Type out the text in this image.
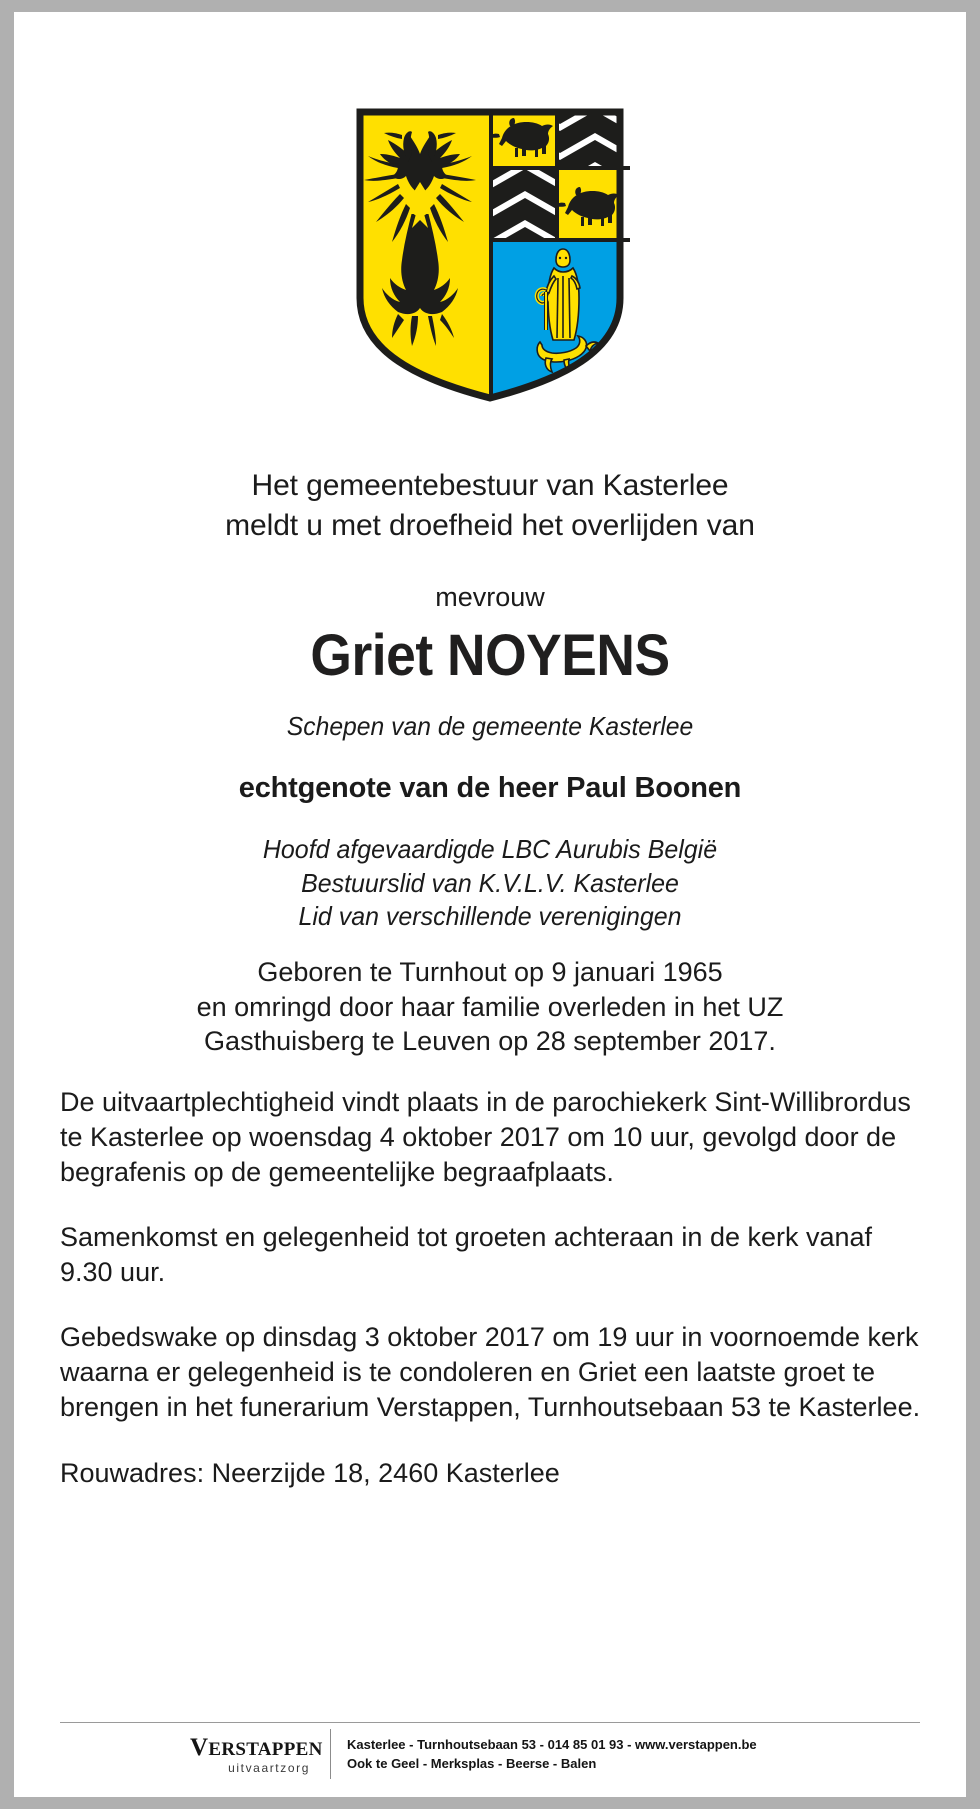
Het gemeentebestuur van Kasterlee
meldt u met droefheid het overlijden van
mevrouw
Griet NOYENS
Schepen van de gemeente Kasterlee
echtgenote van de heer Paul Boonen
Hoofd afgevaardigde LBC Aurubis België
Bestuurslid van K.V.L.V. Kasterlee
Lid van verschillende verenigingen
Geboren te Turnhout op 9 januari 1965
en omringd door haar familie overleden in het UZ
Gasthuisberg te Leuven op 28 september 2017.
De uitvaartplechtigheid vindt plaats in de parochiekerk Sint-Willibrordus te Kasterlee op woensdag 4 oktober 2017 om 10 uur, gevolgd door de begrafenis op de gemeentelijke begraafplaats.
Samenkomst en gelegenheid tot groeten achteraan in de kerk vanaf 9.30 uur.
Gebedswake op dinsdag 3 oktober 2017 om 19 uur in voornoemde kerk waarna er gelegenheid is te condoleren en Griet een laatste groet te brengen in het funerarium Verstappen, Turnhoutsebaan 53 te Kasterlee.
Rouwadres: Neerzijde 18, 2460 Kasterlee
VERSTAPPEN
uitvaartzorg
Kasterlee - Turnhoutsebaan 53 - 014 85 01 93 - www.verstappen.be
Ook te Geel - Merksplas - Beerse - Balen
